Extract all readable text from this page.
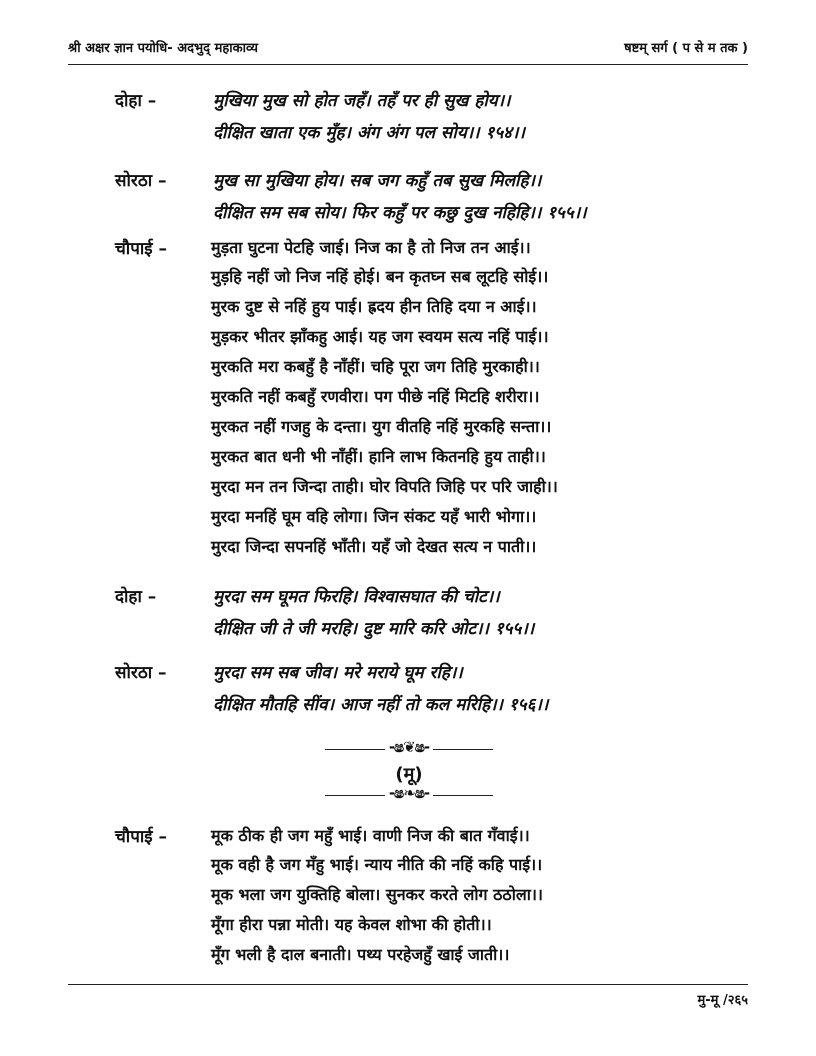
श्री अक्षर ज्ञान पयोधि- अदभुद् महाकाव्य	षष्टम् सर्ग ( प से म तक )
दोहा –	मुखिया मुख सो होत जहँ। तहँ पर ही सुख होय।।
दीक्षित खाता एक मुँह। अंग अंग पल सोय।। १५४।।
सोरठा –	मुख सा मुखिया होय। सब जग कहुँ तब सुख मिलहि।।
दीक्षित सम सब सोय। फिर कहुँ पर कछु दुख नहिहि।। १५५।।
चौपाई –	मुड़ता घुटना पेटहि जाई। निज का है तो निज तन आई।।
मुड़हि नहीं जो निज नहिं होई। बन कृतघ्न सब लूटहि सोई।।
मुरक दुष्ट से नहिं हुय पाई। ह्रदय हीन तिहि दया न आई।।
मुड़कर भीतर झाँकहु आई। यह जग स्वयम सत्य नहिं पाई।।
मुरकति मरा कबहुँ है नाँहीं। चहि पूरा जग तिहि मुरकाही।।
मुरकति नहीं कबहुँ रणवीरा। पग पीछे नहिं मिटहि शरीरा।।
मुरकत नहीं गजहु के दन्ता। युग वीतहि नहिं मुरकहि सन्ता।।
मुरकत बात धनी भी नाँहीं। हानि लाभ कितनहि हुय ताही।।
मुरदा मन तन जिन्दा ताही। घोर विपति जिहि पर परि जाही।।
मुरदा मनहिं घूम वहि लोगा। जिन संकट यहँ भारी भोगा।।
मुरदा जिन्दा सपनहिं भाँती। यहँ जो देखत सत्य न पाती।।
दोहा –	मुरदा सम घूमत फिरहि। विश्वासघात की चोट।।
दीक्षित जी ते जी मरहि। दुष्ट मारि करि ओट।। १५५।।
सोरठा –	मुरदा सम सब जीव। मरे मराये घूम रहि।।
दीक्षित मौतहि सींव। आज नहीं तो कल मरिहि।। १५६।।
-ෂ❦ෂ-
(मू)
-ෂ❧ෂ-
चौपाई –	मूक ठीक ही जग महुँ भाई। वाणी निज की बात गँवाई।।
मूक वही है जग मँहु भाई। न्याय नीति की नहिं कहि पाई।।
मूक भला जग युक्तिहि बोला। सुनकर करते लोग ठठोला।।
मूँगा हीरा पन्ना मोती। यह केवल शोभा की होती।।
मूँग भली है दाल बनाती। पथ्य परहेजहुँ खाई जाती।।
मु-मू /२६५
